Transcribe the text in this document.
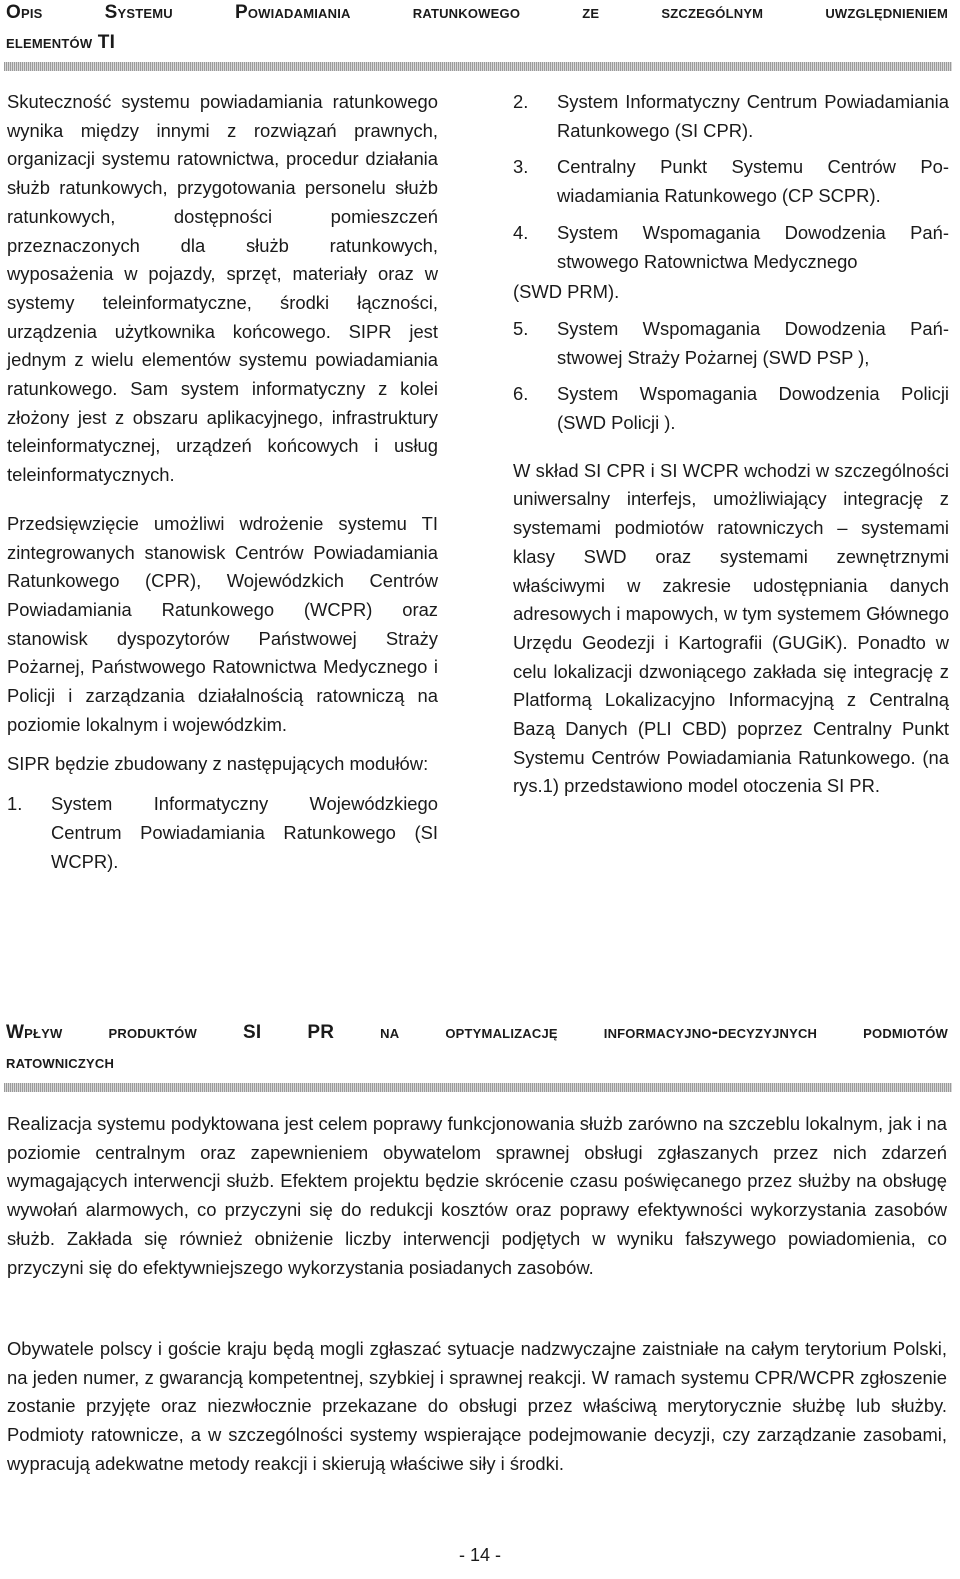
Opis Systemu Powiadamiania ratunkowego ze szczególnym uwzględnieniem
elementów TI

Skuteczność systemu powiadamiania ratunkowego wynika między innymi z rozwiązań prawnych, organizacji systemu ratownictwa, procedur działania służb ratunkowych, przygotowania personelu służb ratunkowych, dostępności pomieszczeń przeznaczonych dla służb ratunkowych, wyposażenia w pojazdy, sprzęt, materiały oraz w systemy teleinformatyczne, środki łączności, urządzenia użytkownika końcowego. SIPR jest jednym z wielu elementów systemu powiadamiania ratunkowego. Sam system informatyczny z kolei złożony jest z obszaru aplikacyjnego, infrastruktury teleinformatycznej, urządzeń końcowych i usług teleinformatycznych.

Przedsięwzięcie umożliwi wdrożenie systemu TI zintegrowanych stanowisk Centrów Powiadamiania Ratunkowego (CPR), Wojewódzkich Centrów Powiadamiania Ratunkowego (WCPR) oraz stanowisk dyspozytorów Państwowej Straży Pożarnej, Państwowego Ratownictwa Medycznego i Policji i zarządzania działalnością ratowniczą na poziomie lokalnym i wojewódzkim.

SIPR będzie zbudowany z następujących modułów:

1. System Informatyczny Wojewódzkiego Centrum Powiadamiania Ratunkowego (SI WCPR).
2. System Informatyczny Centrum Powiadamiania Ratunkowego (SI CPR).
3. Centralny Punkt Systemu Centrów Powiadamiania Ratunkowego (CP SCPR).
4. System Wspomagania Dowodzenia Państwowego Ratownictwa Medycznego

(SWD PRM).

5. System Wspomagania Dowodzenia Państwowej Straży Pożarnej (SWD PSP ),
6. System Wspomagania Dowodzenia Policji (SWD Policji ).

W skład SI CPR i SI WCPR wchodzi w szczególności uniwersalny interfejs, umożliwiający integrację z systemami podmiotów ratowniczych – systemami klasy SWD oraz systemami zewnętrznymi właściwymi w zakresie udostępniania danych adresowych i mapowych, w tym systemem Głównego Urzędu Geodezji i Kartografii (GUGiK). Ponadto w celu lokalizacji dzwoniącego zakłada się integrację z Platformą Lokalizacyjno Informacyjną z Centralną Bazą Danych (PLI CBD) poprzez Centralny Punkt Systemu Centrów Powiadamiania Ratunkowego. (na rys.1) przedstawiono model otoczenia SI PR.

Wpływ produktów SI PR na optymalizację informacyjno-decyzyjnych podmiotów
ratowniczych

Realizacja systemu podyktowana jest celem poprawy funkcjonowania służb zarówno na szczeblu lokalnym, jak i na poziomie centralnym oraz zapewnieniem obywatelom sprawnej obsługi zgłaszanych przez nich zdarzeń wymagających interwencji służb. Efektem projektu będzie skrócenie czasu poświęcanego przez służby na obsługę wywołań alarmowych, co przyczyni się do redukcji kosztów oraz poprawy efektywności wykorzystania zasobów służb. Zakłada się również obniżenie liczby interwencji podjętych w wyniku fałszywego powiadomienia, co przyczyni się do efektywniejszego wykorzystania posiadanych zasobów.

Obywatele polscy i goście kraju będą mogli zgłaszać sytuacje nadzwyczajne zaistniałe na całym terytorium Polski, na jeden numer, z gwarancją kompetentnej, szybkiej i sprawnej reakcji. W ramach systemu CPR/WCPR zgłoszenie zostanie przyjęte oraz niezwłocznie przekazane do obsługi przez właściwą merytorycznie służbę lub służby. Podmioty ratownicze, a w szczególności systemy wspierające podejmowanie decyzji, czy zarządzanie zasobami, wypracują adekwatne metody reakcji i skierują właściwe siły i środki.

- 14 -
